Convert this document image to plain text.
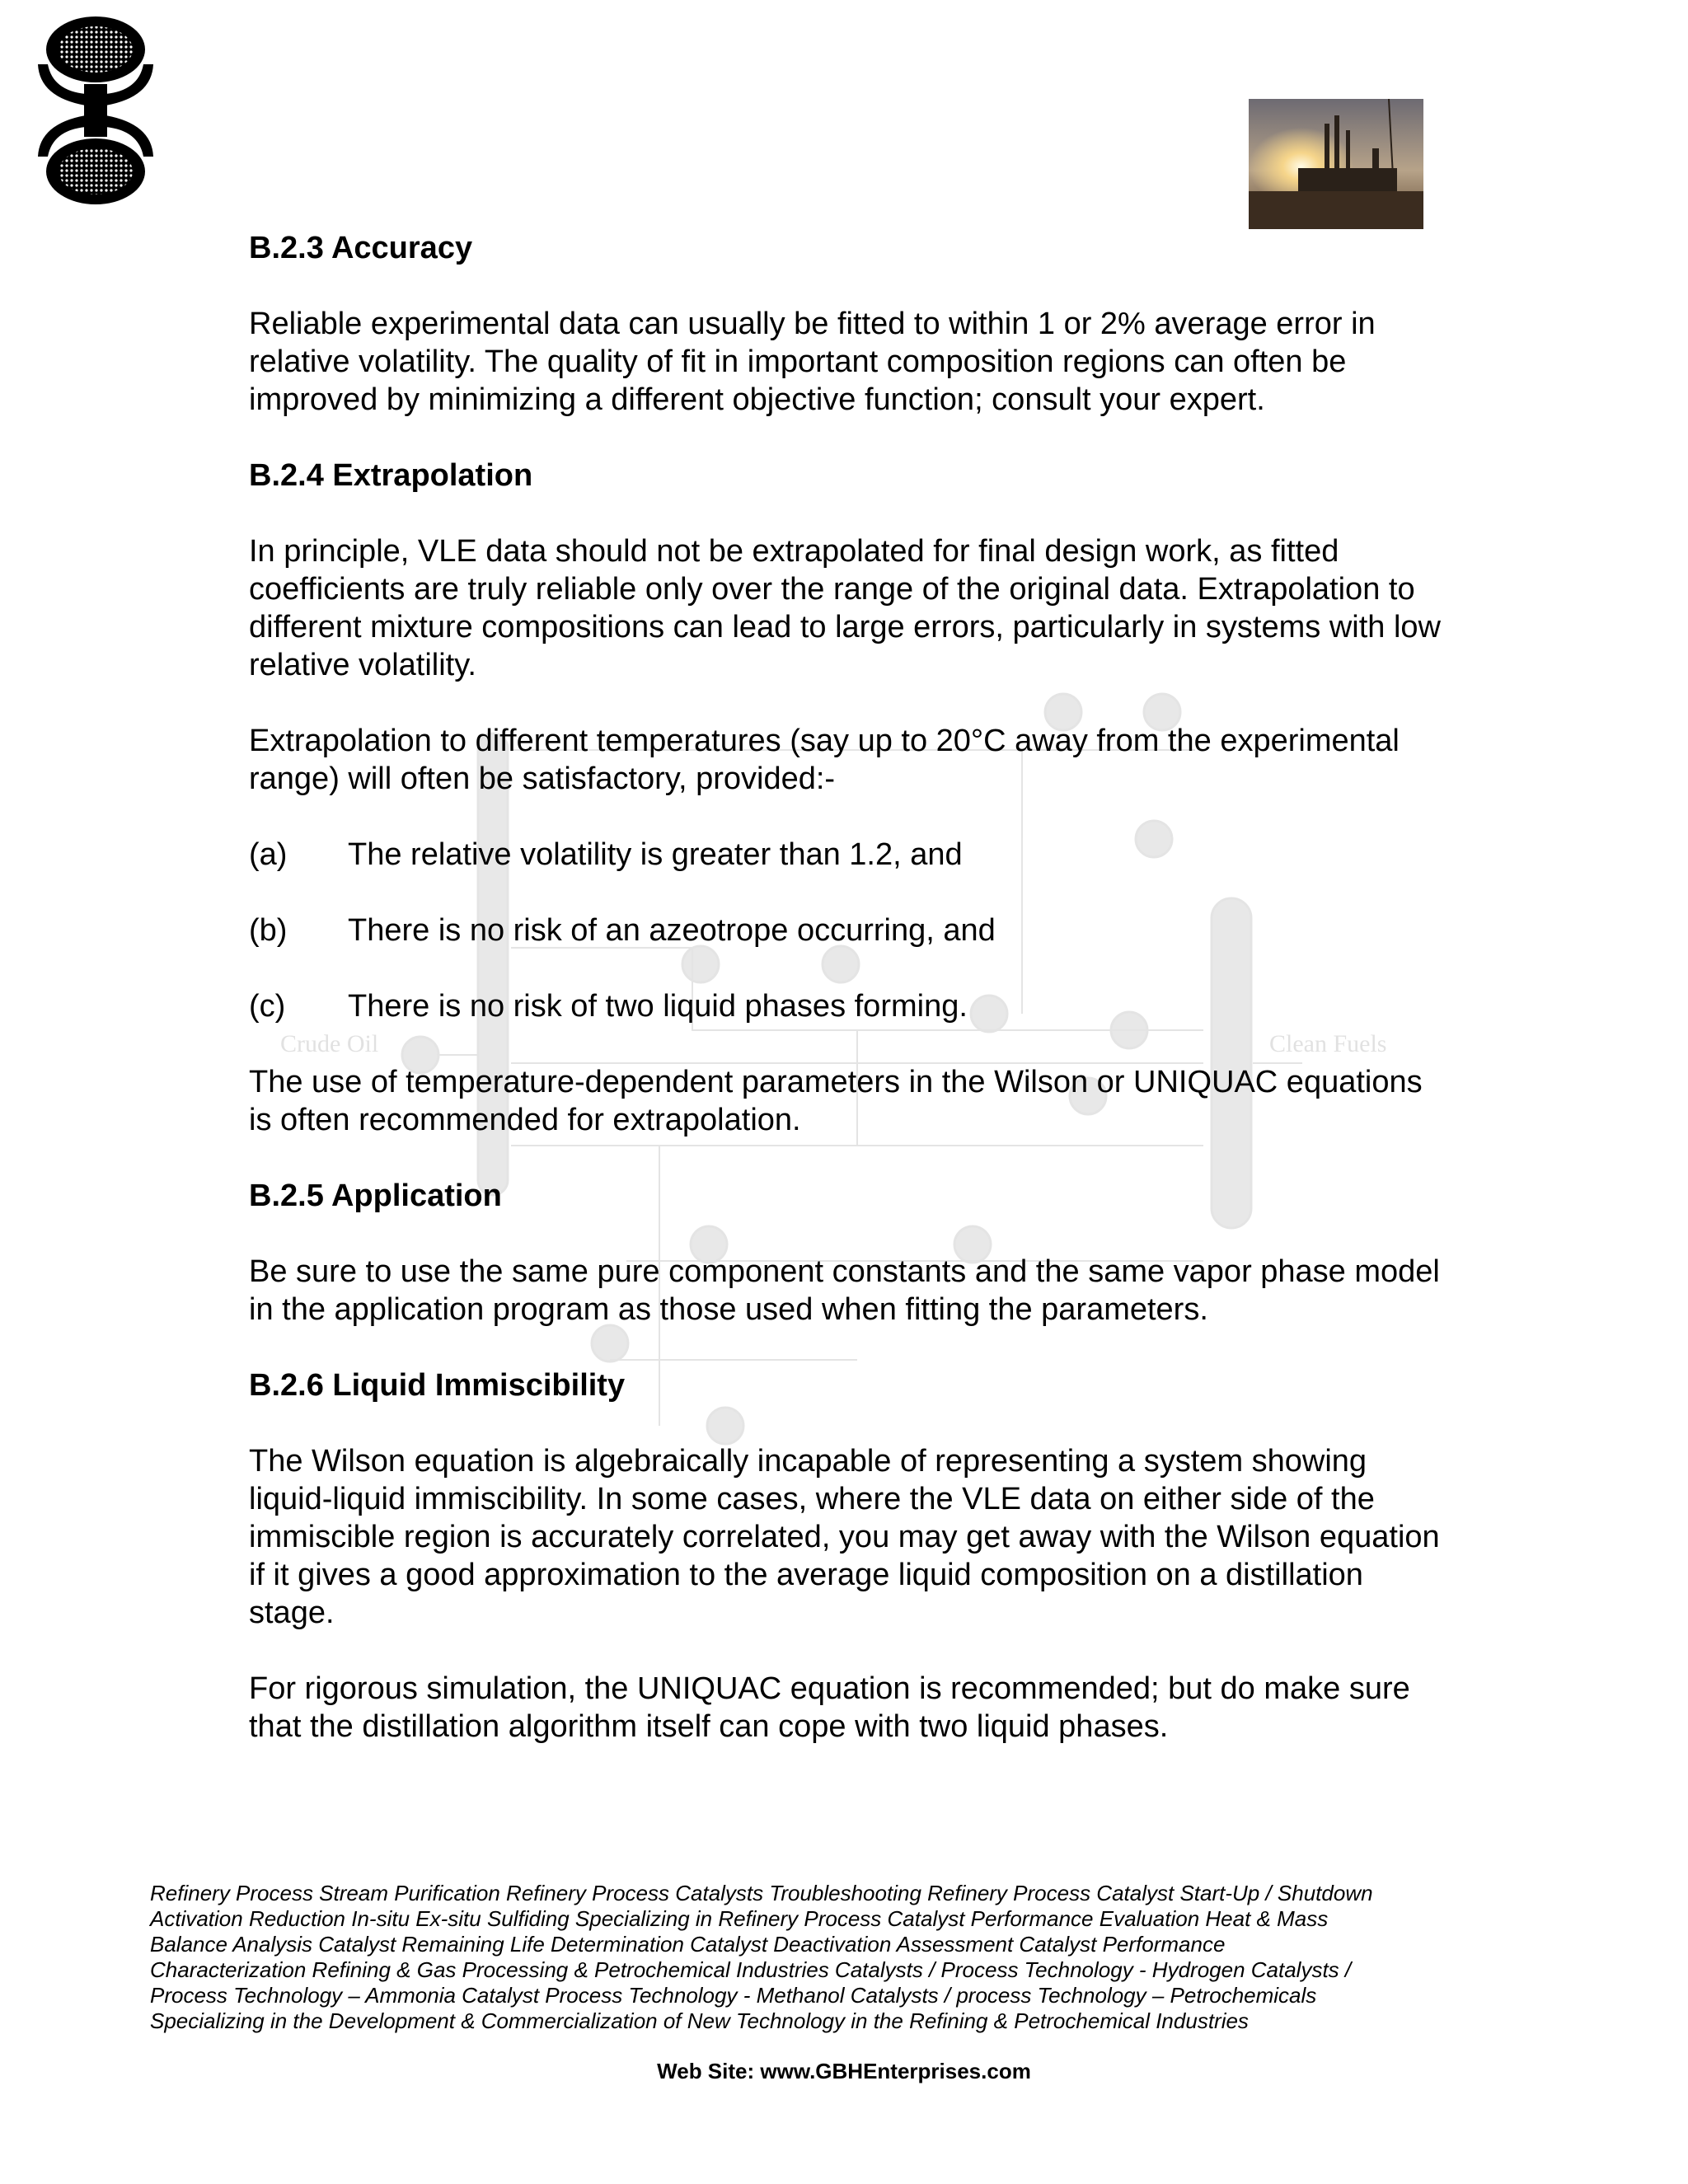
Crude Oil	Clean Fuels

B.2.3 Accuracy

Reliable experimental data can usually be fitted to within 1 or 2% average error in relative volatility. The quality of fit in important composition regions can often be improved by minimizing a different objective function; consult your expert.

B.2.4 Extrapolation

In principle, VLE data should not be extrapolated for final design work, as fitted coefficients are truly reliable only over the range of the original data. Extrapolation to different mixture compositions can lead to large errors, particularly in systems with low relative volatility.

Extrapolation to different temperatures (say up to 20°C away from the experimental range) will often be satisfactory, provided:-

(a) The relative volatility is greater than 1.2, and
(b) There is no risk of an azeotrope occurring, and
(c) There is no risk of two liquid phases forming.

The use of temperature-dependent parameters in the Wilson or UNIQUAC equations is often recommended for extrapolation.

B.2.5 Application

Be sure to use the same pure component constants and the same vapor phase model in the application program as those used when fitting the parameters.

B.2.6 Liquid Immiscibility

The Wilson equation is algebraically incapable of representing a system showing liquid-liquid immiscibility. In some cases, where the VLE data on either side of the immiscible region is accurately correlated, you may get away with the Wilson equation if it gives a good approximation to the average liquid composition on a distillation stage.

For rigorous simulation, the UNIQUAC equation is recommended; but do make sure that the distillation algorithm itself can cope with two liquid phases.

Refinery Process Stream Purification Refinery Process Catalysts Troubleshooting Refinery Process Catalyst Start-Up / Shutdown
Activation Reduction In-situ Ex-situ Sulfiding Specializing in Refinery Process Catalyst Performance Evaluation Heat & Mass
Balance Analysis Catalyst Remaining Life Determination Catalyst Deactivation Assessment Catalyst Performance
Characterization Refining & Gas Processing & Petrochemical Industries Catalysts / Process Technology - Hydrogen Catalysts /
Process Technology – Ammonia Catalyst Process Technology - Methanol Catalysts / process Technology – Petrochemicals
Specializing in the Development & Commercialization of New Technology in the Refining & Petrochemical Industries
Web Site: www.GBHEnterprises.com
